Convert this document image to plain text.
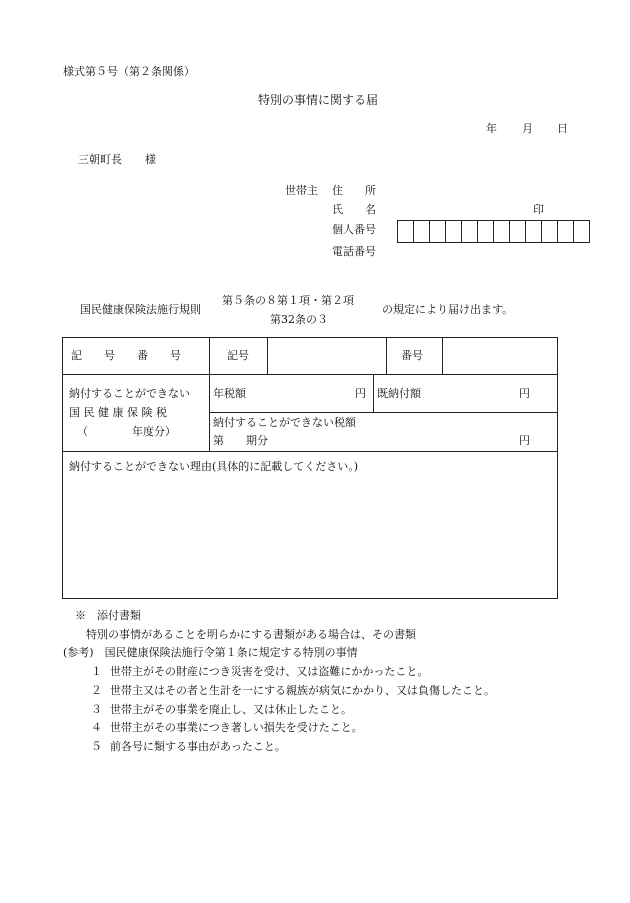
様式第５号（第２条関係）
特別の事情に関する届
年 月 日
三朝町長 様
世帯主 住　　所
氏　　名	印
個人番号
電話番号
国民健康保険法施行規則
第５条の８第１項・第２項
第32条の３
の規定により届け出ます。
記　　号　　番　　号	記号	番号
納付することができない
国 民 健 康 保 険 税
（　　　　年度分）
年税額	円 既納付額	円
納付することができない税額
第　　期分	円
納付することができない理由(具体的に記載してください。)
※　添付書類
特別の事情があることを明らかにする書類がある場合は、その書類
(参考)　国民健康保険法施行令第１条に規定する特別の事情
１ 世帯主がその財産につき災害を受け、又は盗難にかかったこと。
２ 世帯主又はその者と生計を一にする親族が病気にかかり、又は負傷したこと。
３ 世帯主がその事業を廃止し、又は休止したこと。
４ 世帯主がその事業につき著しい損失を受けたこと。
５ 前各号に類する事由があったこと。
